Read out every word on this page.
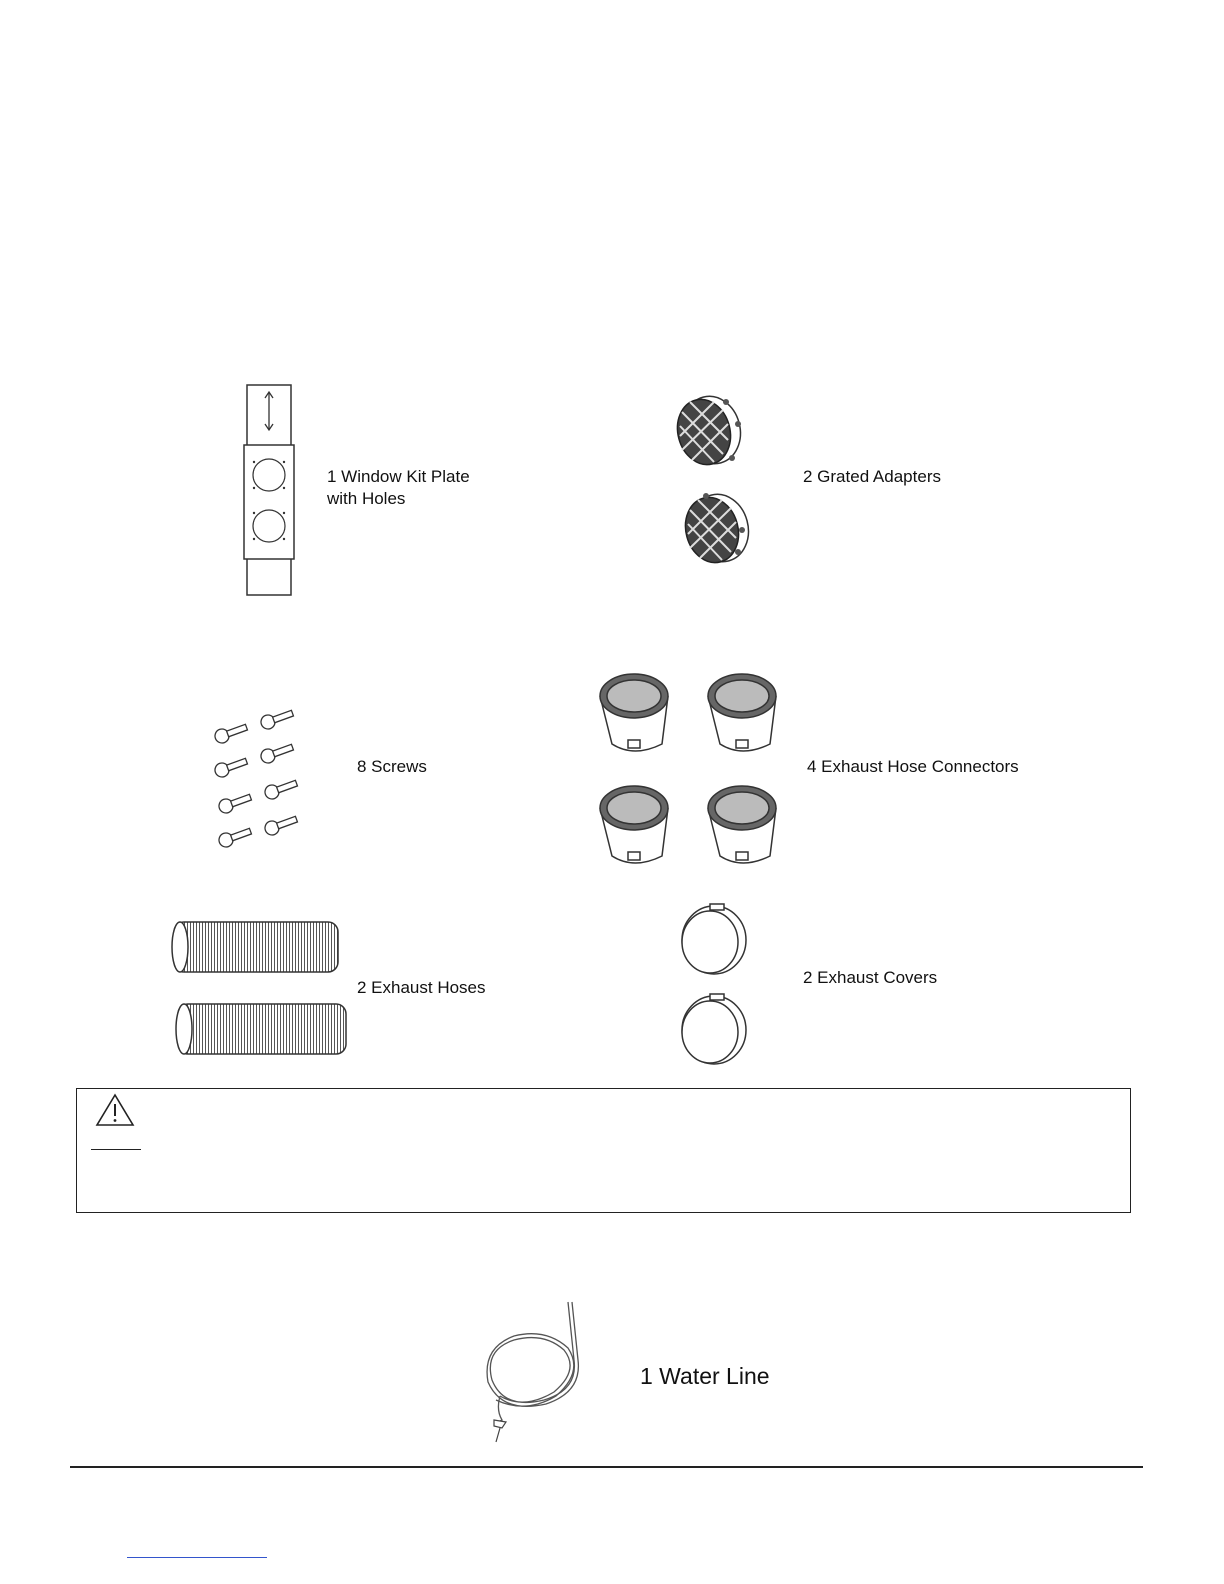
1 Window Kit Plate
with Holes
2 Grated Adapters
8 Screws	4 Exhaust Hose Connectors
2 Exhaust Hoses
2 Exhaust Covers
1 Water Line
